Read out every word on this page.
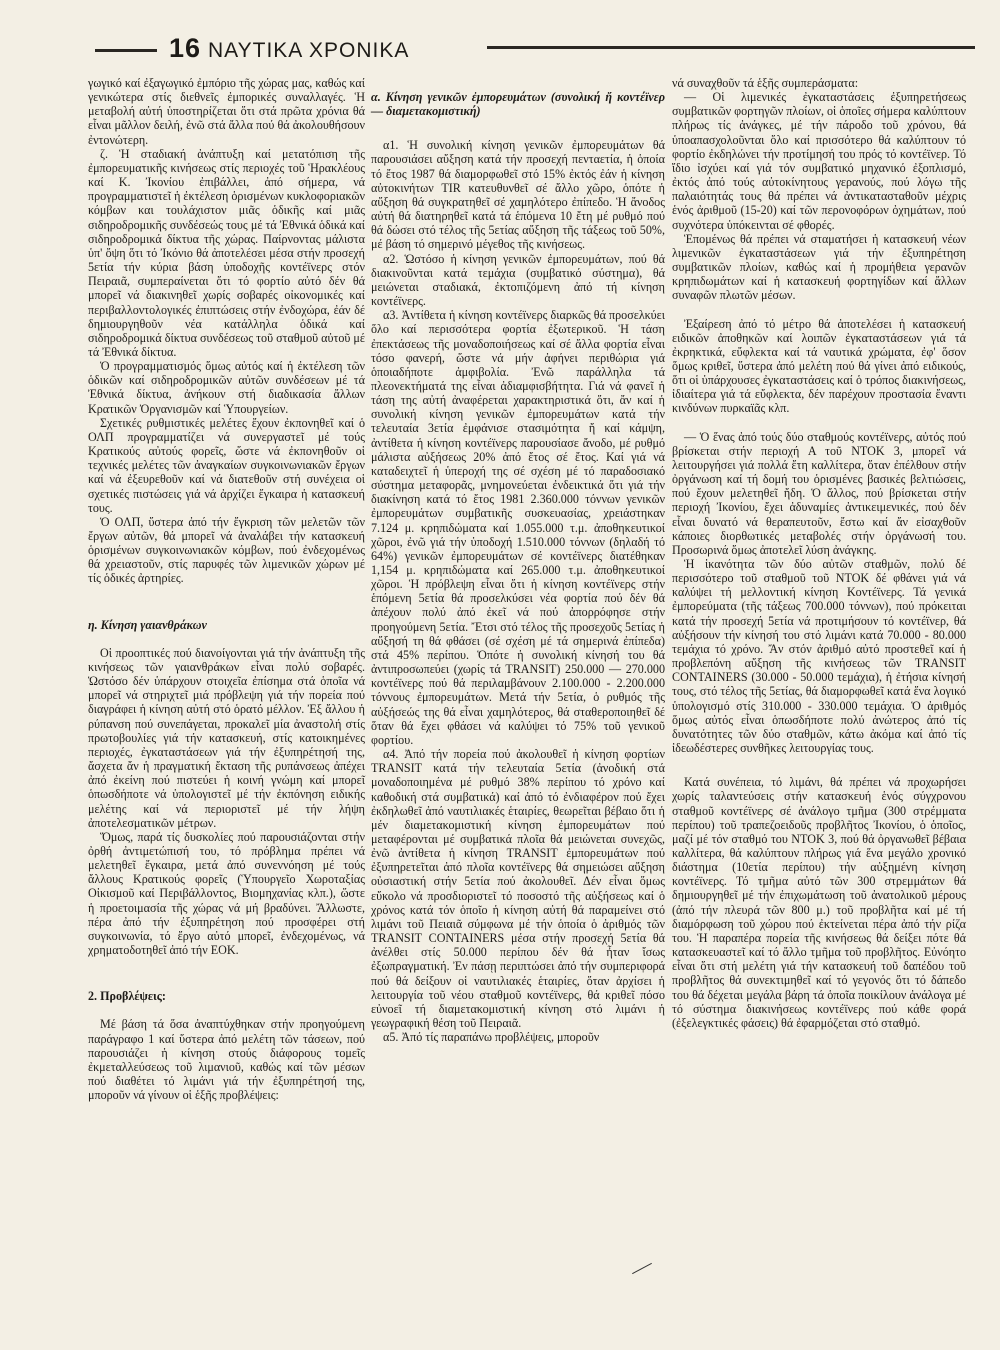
16 ΝΑΥΤΙΚΑ ΧΡΟΝΙΚΑ

γωγικό καί ἐξαγωγικό ἐμπόριο τῆς χώρας μας, καθώς καί γενικώτερα στίς διεθνεῖς ἐμπορικές συναλλαγές. Ἡ μεταβολή αὐτή ὑποστηρίζεται ὅτι στά πρῶτα χρόνια θά εἶναι μᾶλλον δειλή, ἐνῶ στά ἄλλα πού θά ἀκολουθήσουν ἐντονώτερη.

ζ. Ἡ σταδιακή ἀνάπτυξη καί μετατόπιση τῆς ἐμπορευματικῆς κινήσεως στίς περιοχές τοῦ Ἡρακλέους καί Κ. Ἰκονίου ἐπιβάλλει, ἀπό σήμερα, νά προγραμματιστεῖ ἡ ἐκτέλεση ὁρισμένων κυκλοφοριακῶν κόμβων και τουλάχιστον μιᾶς ὁδικῆς καί μιᾶς σιδηροδρομικῆς συνδέσεώς τους μέ τά Ἐθνικά ὁδικά καί σιδηροδρομικά δίκτυα τῆς χώρας. Παίρνοντας μάλιστα ὑπ' ὄψη ὅτι τό Ἰκόνιο θά ἀποτελέσει μέσα στήν προσεχή 5ετία τήν κύρια βάση ὑποδοχῆς κοντέϊνερς στόν Πειραιᾶ, συμπεραίνεται ὅτι τό φορτίο αὐτό δέν θά μπορεῖ νά διακινηθεῖ χωρίς σοβαρές οἰκονομικές καί περιβαλλοντολογικές ἐπιπτώσεις στήν ἐνδοχώρα, ἐάν δέ δημιουργηθοῦν νέα κατάλληλα ὁδικά καί σιδηροδρομικά δίκτυα συνδέσεως τοῦ σταθμοῦ αὐτοῦ μέ τά Ἐθνικά δίκτυα.

Ὁ προγραμματισμός ὅμως αὐτός καί ἡ ἐκτέλεση τῶν ὁδικῶν καί σιδηροδρομικῶν αὐτῶν συνδέσεων μέ τά Ἐθνικά δίκτυα, ἀνήκουν στή διαδικασία ἄλλων Κρατικῶν Ὀργανισμῶν καί Ὑπουργείων.

Σχετικές ρυθμιστικές μελέτες ἔχουν ἐκπονηθεῖ καί ὁ ΟΛΠ προγραμματίζει νά συνεργαστεῖ μέ τούς Κρατικούς αὐτούς φορεῖς, ὥστε νά ἐκπονηθοῦν οἱ τεχνικές μελέτες τῶν ἀναγκαίων συγκοινωνιακῶν ἔργων καί νά ἐξευρεθοῦν καί νά διατεθοῦν στή συνέχεια οἱ σχετικές πιστώσεις γιά νά ἀρχίζει ἔγκαιρα ἡ κατασκευή τους.

Ὁ ΟΛΠ, ὕστερα ἀπό τήν ἔγκριση τῶν μελετῶν τῶν ἔργων αὐτῶν, θά μπορεῖ νά ἀναλάβει τήν κατασκευή ὁρισμένων συγκοινωνιακῶν κόμβων, πού ἐνδεχομένως θά χρειαστοῦν, στίς παρυφές τῶν λιμενικῶν χώρων μέ τίς ὁδικές ἀρτηρίες.

η. Κίνηση γαιανθράκων

Οἱ προοπτικές πού διανοίγονται γιά τήν ἀνάπτυξη τῆς κινήσεως τῶν γαιανθράκων εἶναι πολύ σοβαρές. Ὡστόσο δέν ὑπάρχουν στοιχεῖα ἐπίσημα στά ὁποῖα νά μπορεῖ νά στηριχτεῖ μιά πρόβλεψη γιά τήν πορεία πού διαγράφει ἡ κίνηση αὐτή στό ὁρατό μέλλον. Ἐξ ἄλλου ἡ ρύπανση πού συνεπάγεται, προκαλεῖ μία ἀναστολή στίς πρωτοβουλίες γιά τήν κατασκευή, στίς κατοικημένες περιοχές, ἐγκαταστάσεων γιά τήν ἐξυπηρέτησή της, ἄσχετα ἄν ἡ πραγματική ἔκταση τῆς ρυπάνσεως ἀπέχει ἀπό ἐκείνη πού πιστεύει ἡ κοινή γνώμη καί μπορεῖ ὁπωσδήποτε νά ὑπολογιστεῖ μέ τήν ἐκπόνηση ειδικής μελέτης καί νά περιοριστεῖ μέ τήν λήψη ἀποτελεσματικῶν μέτρων.

Ὅμως, παρά τίς δυσκολίες πού παρουσιάζονται στήν ὀρθή ἀντιμετώπισή του, τό πρόβλημα πρέπει νά μελετηθεῖ ἔγκαιρα, μετά ἀπό συνεννόηση μέ τούς ἄλλους Κρατικούς φορεῖς (Ὑπουργεῖο Χωροταξίας Οἰκισμοῦ καί Περιβάλλοντος, Βιομηχανίας κλπ.), ὥστε ἡ προετοιμασία τῆς χώρας νά μή βραδύνει. Ἄλλωστε, πέρα ἀπό τήν ἐξυπηρέτηση πού προσφέρει στή συγκοινωνία, τό ἔργο αὐτό μπορεῖ, ἐνδεχομένως, νά χρηματοδοτηθεῖ ἀπό τήν ΕΟΚ.

2. Προβλέψεις:

Μέ βάση τά ὅσα ἀναπτύχθηκαν στήν προηγούμενη παράγραφο 1 καί ὕστερα ἀπό μελέτη τῶν τάσεων, πού παρουσιάζει ἡ κίνηση στούς διάφορους τομεῖς ἐκμεταλλεύσεως τοῦ λιμανιοῦ, καθώς καί τῶν μέσων πού διαθέτει τό λιμάνι γιά τήν ἐξυπηρέτησή της, μποροῦν νά γίνουν οἱ ἑξῆς προβλέψεις:

α. Κίνηση γενικῶν ἐμπορευμάτων (συνολική ἤ κοντέϊνερ — διαμετακομιστική)

α1. Ἡ συνολική κίνηση γενικῶν ἐμπορευμάτων θά παρουσιάσει αὔξηση κατά τήν προσεχή πενταετία, ἡ ὁποία τό ἔτος 1987 θά διαμορφωθεῖ στό 15% ἐκτός ἐάν ἡ κίνηση αὐτοκινήτων TIR κατευθυνθεῖ σέ ἄλλο χῶρο, ὁπότε ἡ αὔξηση θά συγκρατηθεῖ σέ χαμηλότερο ἐπίπεδο. Ἡ ἄνοδος αὐτή θά διατηρηθεῖ κατά τά ἑπόμενα 10 ἔτη μέ ρυθμό πού θά δώσει στό τέλος τῆς 5ετίας αὔξηση τῆς τάξεως τοῦ 50%, μέ βάση τό σημερινό μέγεθος τῆς κινήσεως.

α2. Ὡστόσο ἡ κίνηση γενικῶν ἐμπορευμάτων, πού θά διακινοῦνται κατά τεμάχια (συμβατικό σύστημα), θά μειώνεται σταδιακά, ἐκτοπιζόμενη ἀπό τή κίνηση κοντέϊνερς.

α3. Ἀντίθετα ἡ κίνηση κοντέϊνερς διαρκῶς θά προσελκύει ὅλο καί περισσότερα φορτία ἐξωτερικοῦ. Ἡ τάση ἐπεκτάσεως τῆς μοναδοποιήσεως καί σέ ἄλλα φορτία εἶναι τόσο φανερή, ὥστε νά μήν ἀφήνει περιθώρια γιά ὁποιαδήποτε ἀμφιβολία. Ἐνῶ παράλληλα τά πλεονεκτήματά της εἶναι ἀδιαμφισβήτητα. Γιά νά φανεῖ ἡ τάση της αὐτή ἀναφέρεται χαρακτηριστικά ὅτι, ἄν καί ἡ συνολική κίνηση γενικῶν ἐμπορευμάτων κατά τήν τελευταία 3ετία ἐμφάνισε στασιμότητα ἤ καί κάμψη, ἀντίθετα ἡ κίνηση κοντέϊνερς παρουσίασε ἄνοδο, μέ ρυθμό μάλιστα αὐξήσεως 20% ἀπό ἔτος σέ ἔτος. Καί γιά νά καταδειχτεῖ ἡ ὑπεροχή της σέ σχέση μέ τό παραδοσιακό σύστημα μεταφορᾶς, μνημονεύεται ἐνδεικτικά ὅτι γιά τήν διακίνηση κατά τό ἔτος 1981 2.360.000 τόννων γενικῶν ἐμπορευμάτων συμβατικῆς συσκευασίας, χρειάστηκαν 7.124 μ. κρηπιδώματα καί 1.055.000 τ.μ. ἀποθηκευτικοί χῶροι, ἐνῶ γιά τήν ὑποδοχή 1.510.000 τόννων (δηλαδή τό 64%) γενικῶν ἐμπορευμάτων σέ κοντέϊνερς διατέθηκαν 1,154 μ. κρηπιδώματα καί 265.000 τ.μ. ἀποθηκευτικοί χῶροι. Ἡ πρόβλεψη εἶναι ὅτι ἡ κίνηση κοντέϊνερς στήν ἑπόμενη 5ετία θά προσελκύσει νέα φορτία πού δέν θά ἀπέχουν πολύ ἀπό ἐκεῖ νά πού ἀπορρόφησε στήν προηγούμενη 5ετία. Ἔτσι στό τέλος τῆς προσεχοῦς 5ετίας ἡ αὔξησή τη θά φθάσει (σέ σχέση μέ τά σημερινά ἐπίπεδα) στά 45% περίπου. Ὁπότε ἡ συνολική κίνησή του θά ἀντιπροσωπεύει (χωρίς τά TRANSIT) 250.000 — 270.000 κοντέϊνερς πού θά περιλαμβάνουν 2.100.000 - 2.200.000 τόννους ἐμπορευμάτων. Μετά τήν 5ετία, ὁ ρυθμός τῆς αὐξήσεώς της θά εἶναι χαμηλότερος, θά σταθεροποιηθεῖ δέ ὅταν θά ἔχει φθάσει νά καλύψει τό 75% τοῦ γενικοῦ φορτίου.

α4. Ἀπό τήν πορεία πού ἀκολουθεῖ ἡ κίνηση φορτίων TRANSIT κατά τήν τελευταία 5ετία (ἀνοδική στά μοναδοποιημένα μέ ρυθμό 38% περίπου τό χρόνο καί καθοδική στά συμβατικά) καί ἀπό τό ἐνδιαφέρον πού ἔχει ἐκδηλωθεῖ ἀπό ναυτιλιακές ἑταιρίες, θεωρεῖται βέβαιο ὅτι ἡ μέν διαμετακομιστική κίνηση ἐμπορευμάτων πού μεταφέρονται μέ συμβατικά πλοῖα θά μειώνεται συνεχῶς, ἐνῶ ἀντίθετα ἡ κίνηση TRANSIT ἐμπορευμάτων πού ἐξυπηρετεῖται ἀπό πλοῖα κοντέϊνερς θά σημειώσει αὔξηση οὐσιαστική στήν 5ετία πού ἀκολουθεῖ. Δέν εἶναι ὅμως εὔκολο νά προσδιοριστεῖ τό ποσοστό τῆς αὐξήσεως καί ὁ χρόνος κατά τόν ὁποῖο ἡ κίνηση αὐτή θά παραμείνει στό λιμάνι τοῦ Πειαιᾶ σύμφωνα μέ τήν ὁποία ὁ ἀριθμός τῶν TRANSIT CONTAINERS μέσα στήν προσεχή 5ετία θά ἀνέλθει στίς 50.000 περίπου δέν θά ἦταν ἴσως ἐξωπραγματική. Ἐν πάσῃ περιπτώσει ἀπό τήν συμπεριφορά πού θά δείξουν οἱ ναυτιλιακές ἑταιρίες, ὅταν ἀρχίσει ἡ λειτουργία τοῦ νέου σταθμοῦ κοντέϊνερς, θά κριθεῖ πόσο εὐνοεῖ τή διαμετακομιστική κίνηση στό λιμάνι ἡ γεωγραφική θέση τοῦ Πειραιᾶ.

α5. Ἀπό τίς παραπάνω προβλέψεις, μποροῦν

νά συναχθοῦν τά ἑξῆς συμπεράσματα:

— Οἱ λιμενικές ἐγκαταστάσεις ἐξυπηρετήσεως συμβατικῶν φορτηγῶν πλοίων, οἱ ὁποῖες σήμερα καλύπτουν πλήρως τίς ἀνάγκες, μέ τήν πάροδο τοῦ χρόνου, θά ὑποαπασχολοῦνται ὅλο καί πρισσότερο θά καλύπτουν τό φορτίο ἐκδηλώνει τήν προτίμησή του πρός τό κοντέϊνερ. Τό ἴδιο ἰσχύει καί γιά τόν συμβατικό μηχανικό ἐξοπλισμό, ἐκτός ἀπό τούς αὐτοκίνητους γερανούς, πού λόγω τῆς παλαιότητάς τους θά πρέπει νά ἀντικατασταθοῦν μέχρις ἑνός ἀριθμοῦ (15-20) καί τῶν περονοφόρων ὀχημάτων, πού συχνότερα ὑπόκεινται σέ φθορές.

Ἑπομένως θά πρέπει νά σταματήσει ἡ κατασκευή νέων λιμενικῶν ἐγκαταστάσεων γιά τήν ἐξυπηρέτηση συμβατικῶν πλοίων, καθώς καί ἡ προμήθεια γερανῶν κρηπιδωμάτων καί ἡ κατασκευή φορτηγίδων καί ἄλλων συναφῶν πλωτῶν μέσων.

Ἐξαίρεση ἀπό τό μέτρο θά ἀποτελέσει ἡ κατασκευή ειδικῶν ἀποθηκῶν καί λοιπῶν ἐγκαταστάσεων γιά τά ἐκρηκτικά, εὔφλεκτα καί τά ναυτικά χρώματα, ἐφ' ὅσον ὅμως κριθεῖ, ὕστερα ἀπό μελέτη πού θά γίνει ἀπό ειδικούς, ὅτι οἱ ὑπάρχουσες ἐγκαταστάσεις καί ὁ τρόπος διακινήσεως, ἰδιαίτερα γιά τά εὔφλεκτα, δέν παρέχουν προστασία ἔναντι κινδύνων πυρκαϊᾶς κλπ.

— Ὁ ἕνας ἀπό τούς δύο σταθμούς κοντέϊνερς, αὐτός πού βρίσκεται στήν περιοχή Α τοῦ ΝΤΟΚ 3, μπορεῖ νά λειτουργήσει γιά πολλά ἔτη καλλίτερα, ὅταν ἐπέλθουν στήν ὀργάνωση καί τή δομή του ὁρισμένες βασικές βελτιώσεις, πού ἔχουν μελετηθεῖ ἤδη. Ὁ ἄλλος, πού βρίσκεται στήν περιοχή Ἰκονίου, ἔχει ἀδυναμίες ἀντικειμενικές, πού δέν εἶναι δυνατό νά θεραπευτοῦν, ἔστω καί ἄν εἰσαχθοῦν κάποιες διορθωτικές μεταβολές στήν ὀργάνωσή του. Προσωρινά ὅμως ἀποτελεῖ λύση ἀνάγκης.

Ἡ ἱκανότητα τῶν δύο αὐτῶν σταθμῶν, πολύ δέ περισσότερο τοῦ σταθμοῦ τοῦ ΝΤΟΚ δέ φθάνει γιά νά καλύψει τή μελλοντική κίνηση Κοντέϊνερς. Τά γενικά ἐμπορεύματα (τῆς τάξεως 700.000 τόννων), πού πρόκειται κατά τήν προσεχή 5ετία νά προτιμήσουν τό κοντέϊνερ, θά αὐξήσουν τήν κίνησή του στό λιμάνι κατά 70.000 - 80.000 τεμάχια τό χρόνο. Ἄν στόν ἀριθμό αὐτό προστεθεῖ καί ἡ προβλεπόνη αὔξηση τῆς κινήσεως τῶν TRANSIT CONTAINERS (30.000 - 50.000 τεμάχια), ἡ ἐτήσια κίνησή τους, στό τέλος τῆς 5ετίας, θά διαμορφωθεῖ κατά ἕνα λογικό ὑπολογισμό στίς 310.000 - 330.000 τεμάχια. Ὁ ἀριθμός ὅμως αὐτός εἶναι ὁπωσδήποτε πολύ ἀνώτερος ἀπό τίς δυνατότητες τῶν δύο σταθμῶν, κάτω ἀκόμα καί ἀπό τίς ἰδεωδέστερες συνθῆκες λειτουργίας τους.

Κατά συνέπεια, τό λιμάνι, θά πρέπει νά προχωρήσει χωρίς ταλαντεύσεις στήν κατασκευή ἑνός σύγχρονου σταθμοῦ κοντέϊνερς σέ ἀνάλογο τμῆμα (300 στρέμματα περίπου) τοῦ τραπεζοειδοῦς προβλῆτος Ἰκονίου, ὁ ὁποῖος, μαζί μέ τόν σταθμό του ΝΤΟΚ 3, πού θά ὀργανωθεῖ βέβαια καλλίτερα, θά καλύπτουν πλήρως γιά ἕνα μεγάλο χρονικό διάστημα (10ετία περίπου) τήν αὐξημένη κίνηση κοντέϊνερς. Τό τμῆμα αὐτό τῶν 300 στρεμμάτων θά δημιουργηθεῖ μέ τήν ἐπιχωμάτωση τοῦ ἀνατολικοῦ μέρους (ἀπό τήν πλευρά τῶν 800 μ.) τοῦ προβλῆτα καί μέ τή διαμόρφωση τοῦ χώρου πού ἐκτείνεται πέρα ἀπό τήν ρίζα του. Ἡ παραπέρα πορεία τῆς κινήσεως θά δείξει πότε θά κατασκευαστεῖ καί τό ἄλλο τμῆμα τοῦ προβλῆτος. Εὐνόητο εἶναι ὅτι στή μελέτη γιά τήν κατασκευή τοῦ δαπέδου τοῦ προβλῆτος θά συνεκτιμηθεῖ καί τό γεγονός ὅτι τό δάπεδο του θά δέχεται μεγάλα βάρη τά ὁποῖα ποικίλουν ἀνάλογα μέ τό σύστημα διακινήσεως κοντέϊνερς πού κάθε φορά (ἐξελεγκτικές φάσεις) θά ἐφαρμόζεται στό σταθμό.
